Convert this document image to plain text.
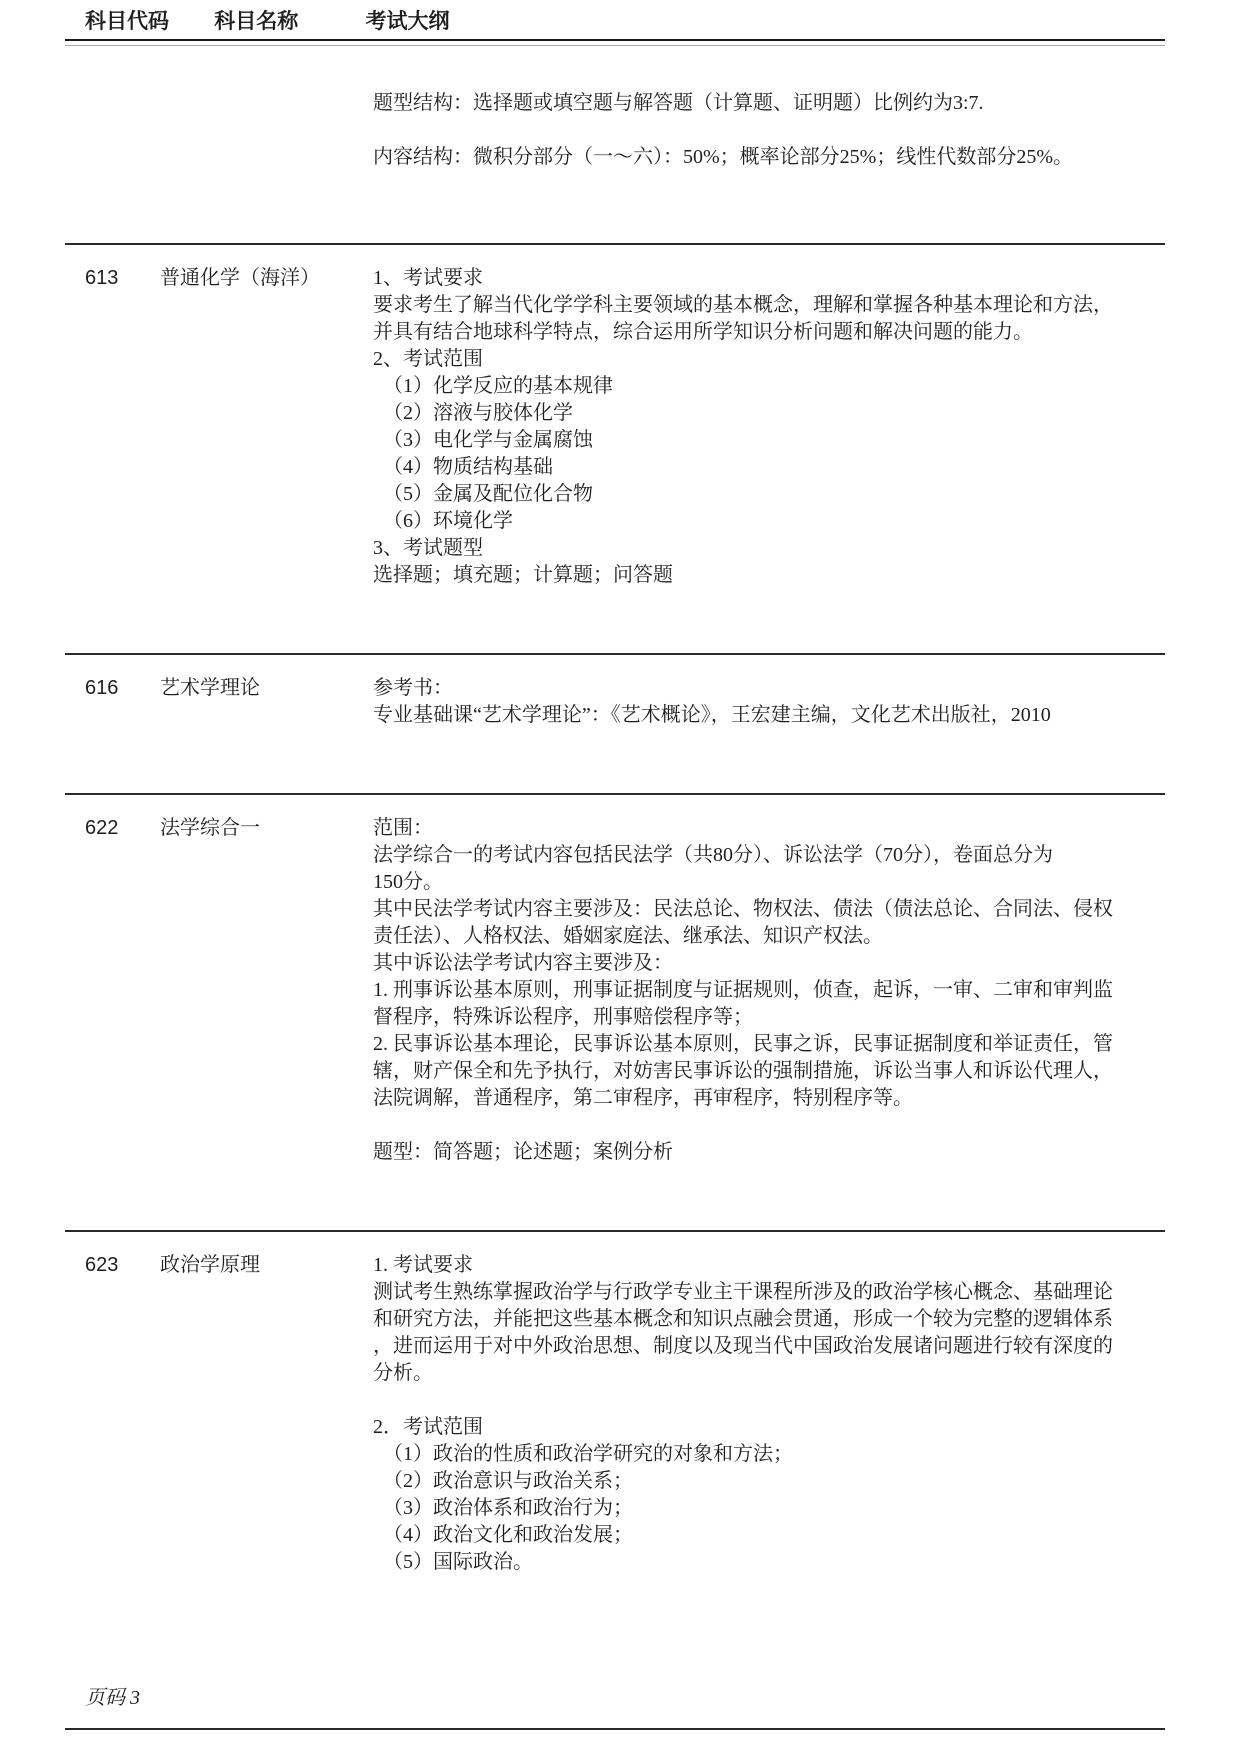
科目代码 科目名称	考试大纲
题型结构：选择题或填空题与解答题（计算题、证明题）比例约为3:7.
内容结构：微积分部分（一～六）：50%；概率论部分25%；线性代数部分25%。
613	普通化学（海洋）	1、考试要求
要求考生了解当代化学学科主要领域的基本概念，理解和掌握各种基本理论和方法，
并具有结合地球科学特点，综合运用所学知识分析问题和解决问题的能力。
2、考试范围
　（1）化学反应的基本规律
　（2）溶液与胶体化学
　（3）电化学与金属腐蚀
　（4）物质结构基础
　（5）金属及配位化合物
　（6）环境化学
3、考试题型
选择题；填充题；计算题；问答题
616	艺术学理论	参考书：
专业基础课“艺术学理论”：《艺术概论》，王宏建主编，文化艺术出版社，2010
622	法学综合一	范围：
法学综合一的考试内容包括民法学（共80分）、诉讼法学（70分），卷面总分为
150分。
其中民法学考试内容主要涉及：民法总论、物权法、债法（债法总论、合同法、侵权
责任法）、人格权法、婚姻家庭法、继承法、知识产权法。
其中诉讼法学考试内容主要涉及：
1. 刑事诉讼基本原则，刑事证据制度与证据规则，侦查，起诉，一审、二审和审判监
督程序，特殊诉讼程序，刑事赔偿程序等；
2. 民事诉讼基本理论，民事诉讼基本原则，民事之诉，民事证据制度和举证责任，管
辖，财产保全和先予执行，对妨害民事诉讼的强制措施，诉讼当事人和诉讼代理人，
法院调解，普通程序，第二审程序，再审程序，特别程序等。
题型：简答题；论述题；案例分析
623	政治学原理	1. 考试要求
测试考生熟练掌握政治学与行政学专业主干课程所涉及的政治学核心概念、基础理论
和研究方法，并能把这些基本概念和知识点融会贯通，形成一个较为完整的逻辑体系
，进而运用于对中外政治思想、制度以及现当代中国政治发展诸问题进行较有深度的
分析。
2．考试范围
　（1）政治的性质和政治学研究的对象和方法；
　（2）政治意识与政治关系；
　（3）政治体系和政治行为；
　（4）政治文化和政治发展；
　（5）国际政治。
页码 3
